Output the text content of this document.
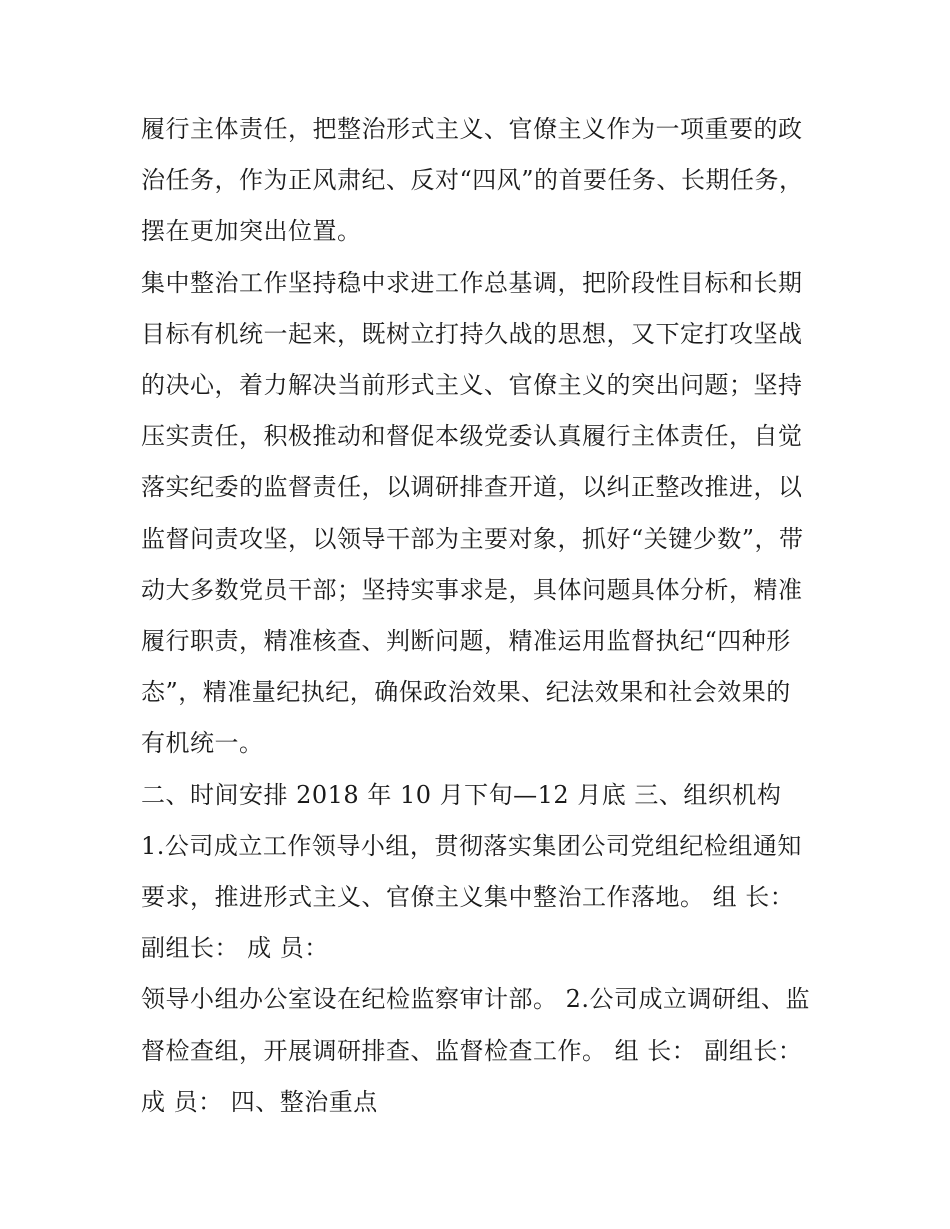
履行主体责任，把整治形式主义、官僚主义作为一项重要的政
治任务，作为正风肃纪、反对“四风”的首要任务、长期任务，
摆在更加突出位置。

集中整治工作坚持稳中求进工作总基调，把阶段性目标和长期
目标有机统一起来，既树立打持久战的思想，又下定打攻坚战
的决心，着力解决当前形式主义、官僚主义的突出问题；坚持
压实责任，积极推动和督促本级党委认真履行主体责任，自觉
落实纪委的监督责任，以调研排查开道，以纠正整改推进，以
监督问责攻坚，以领导干部为主要对象，抓好“关键少数”，带
动大多数党员干部；坚持实事求是，具体问题具体分析，精准
履行职责，精准核查、判断问题，精准运用监督执纪“四种形
态”，精准量纪执纪，确保政治效果、纪法效果和社会效果的
有机统一。

二、时间安排 2018 年 10 月下旬—12 月底 三、组织机构

1.公司成立工作领导小组，贯彻落实集团公司党组纪检组通知
要求，推进形式主义、官僚主义集中整治工作落地。 组 长：
副组长： 成 员：

领导小组办公室设在纪检监察审计部。 2.公司成立调研组、监
督检查组，开展调研排查、监督检查工作。 组 长： 副组长：
成 员： 四、整治重点
